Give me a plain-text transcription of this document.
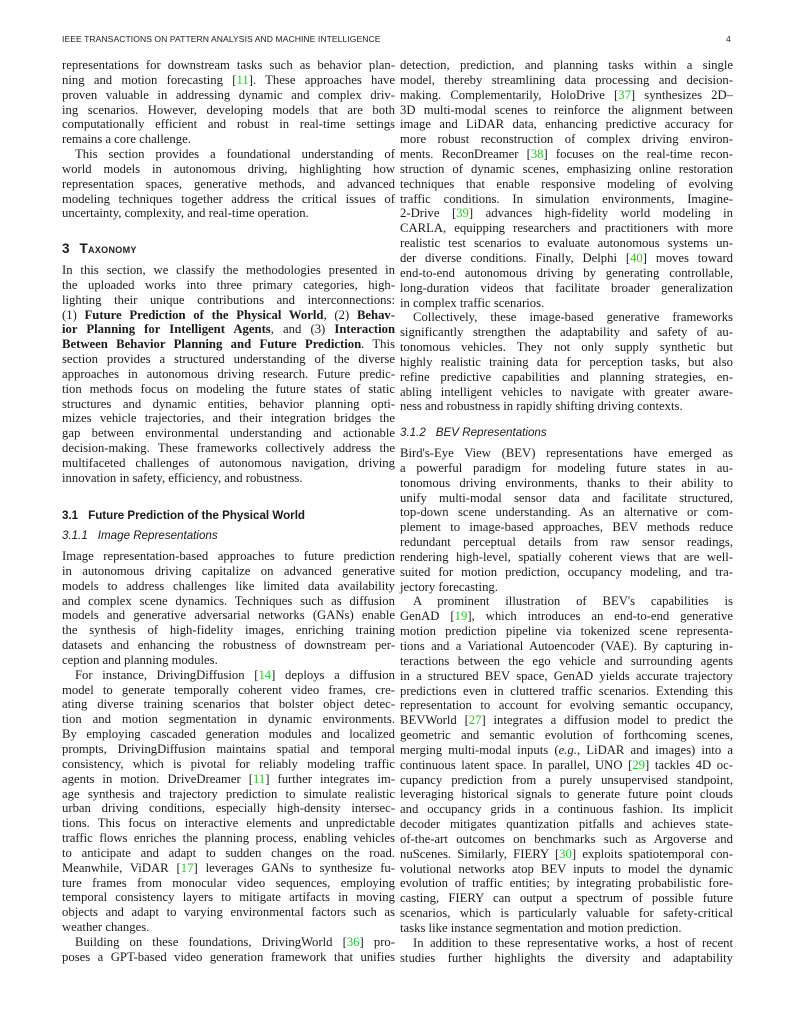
IEEE TRANSACTIONS ON PATTERN ANALYSIS AND MACHINE INTELLIGENCE	4
representations for downstream tasks such as behavior plan-
ning and motion forecasting [11]. These approaches have
proven valuable in addressing dynamic and complex driv-
ing scenarios. However, developing models that are both
computationally efficient and robust in real-time settings
remains a core challenge.
This section provides a foundational understanding of
world models in autonomous driving, highlighting how
representation spaces, generative methods, and advanced
modeling techniques together address the critical issues of
uncertainty, complexity, and real-time operation.
3 Taxonomy
In this section, we classify the methodologies presented in
the uploaded works into three primary categories, high-
lighting their unique contributions and interconnections:
(1) Future Prediction of the Physical World, (2) Behav-
ior Planning for Intelligent Agents, and (3) Interaction
Between Behavior Planning and Future Prediction. This
section provides a structured understanding of the diverse
approaches in autonomous driving research. Future predic-
tion methods focus on modeling the future states of static
structures and dynamic entities, behavior planning opti-
mizes vehicle trajectories, and their integration bridges the
gap between environmental understanding and actionable
decision-making. These frameworks collectively address the
multifaceted challenges of autonomous navigation, driving
innovation in safety, efficiency, and robustness.
3.1 Future Prediction of the Physical World
3.1.1 Image Representations
Image representation-based approaches to future prediction
in autonomous driving capitalize on advanced generative
models to address challenges like limited data availability
and complex scene dynamics. Techniques such as diffusion
models and generative adversarial networks (GANs) enable
the synthesis of high-fidelity images, enriching training
datasets and enhancing the robustness of downstream per-
ception and planning modules.
For instance, DrivingDiffusion [14] deploys a diffusion
model to generate temporally coherent video frames, cre-
ating diverse training scenarios that bolster object detec-
tion and motion segmentation in dynamic environments.
By employing cascaded generation modules and localized
prompts, DrivingDiffusion maintains spatial and temporal
consistency, which is pivotal for reliably modeling traffic
agents in motion. DriveDreamer [11] further integrates im-
age synthesis and trajectory prediction to simulate realistic
urban driving conditions, especially high-density intersec-
tions. This focus on interactive elements and unpredictable
traffic flows enriches the planning process, enabling vehicles
to anticipate and adapt to sudden changes on the road.
Meanwhile, ViDAR [17] leverages GANs to synthesize fu-
ture frames from monocular video sequences, employing
temporal consistency layers to mitigate artifacts in moving
objects and adapt to varying environmental factors such as
weather changes.
Building on these foundations, DrivingWorld [36] pro-
poses a GPT-based video generation framework that unifies
detection, prediction, and planning tasks within a single
model, thereby streamlining data processing and decision-
making. Complementarily, HoloDrive [37] synthesizes 2D–
3D multi-modal scenes to reinforce the alignment between
image and LiDAR data, enhancing predictive accuracy for
more robust reconstruction of complex driving environ-
ments. ReconDreamer [38] focuses on the real-time recon-
struction of dynamic scenes, emphasizing online restoration
techniques that enable responsive modeling of evolving
traffic conditions. In simulation environments, Imagine-
2-Drive [39] advances high-fidelity world modeling in
CARLA, equipping researchers and practitioners with more
realistic test scenarios to evaluate autonomous systems un-
der diverse conditions. Finally, Delphi [40] moves toward
end-to-end autonomous driving by generating controllable,
long-duration videos that facilitate broader generalization
in complex traffic scenarios.
Collectively, these image-based generative frameworks
significantly strengthen the adaptability and safety of au-
tonomous vehicles. They not only supply synthetic but
highly realistic training data for perception tasks, but also
refine predictive capabilities and planning strategies, en-
abling intelligent vehicles to navigate with greater aware-
ness and robustness in rapidly shifting driving contexts.
3.1.2 BEV Representations
Bird's-Eye View (BEV) representations have emerged as
a powerful paradigm for modeling future states in au-
tonomous driving environments, thanks to their ability to
unify multi-modal sensor data and facilitate structured,
top-down scene understanding. As an alternative or com-
plement to image-based approaches, BEV methods reduce
redundant perceptual details from raw sensor readings,
rendering high-level, spatially coherent views that are well-
suited for motion prediction, occupancy modeling, and tra-
jectory forecasting.
A prominent illustration of BEV's capabilities is
GenAD [19], which introduces an end-to-end generative
motion prediction pipeline via tokenized scene representa-
tions and a Variational Autoencoder (VAE). By capturing in-
teractions between the ego vehicle and surrounding agents
in a structured BEV space, GenAD yields accurate trajectory
predictions even in cluttered traffic scenarios. Extending this
representation to account for evolving semantic occupancy,
BEVWorld [27] integrates a diffusion model to predict the
geometric and semantic evolution of forthcoming scenes,
merging multi-modal inputs (e.g., LiDAR and images) into a
continuous latent space. In parallel, UNO [29] tackles 4D oc-
cupancy prediction from a purely unsupervised standpoint,
leveraging historical signals to generate future point clouds
and occupancy grids in a continuous fashion. Its implicit
decoder mitigates quantization pitfalls and achieves state-
of-the-art outcomes on benchmarks such as Argoverse and
nuScenes. Similarly, FIERY [30] exploits spatiotemporal con-
volutional networks atop BEV inputs to model the dynamic
evolution of traffic entities; by integrating probabilistic fore-
casting, FIERY can output a spectrum of possible future
scenarios, which is particularly valuable for safety-critical
tasks like instance segmentation and motion prediction.
In addition to these representative works, a host of recent
studies further highlights the diversity and adaptability
